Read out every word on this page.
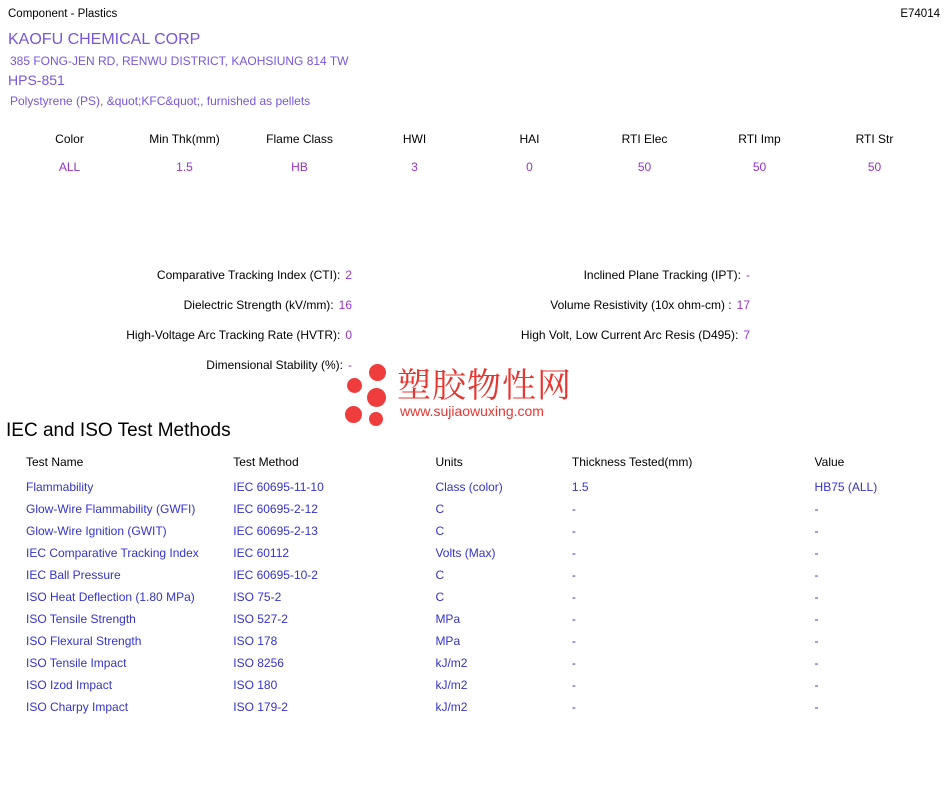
Component - Plastics	E74014
KAOFU CHEMICAL CORP
385 FONG-JEN RD, RENWU DISTRICT, KAOHSIUNG 814 TW
HPS-851
Polystyrene (PS), &quot;KFC&quot;, furnished as pellets
Color	Min Thk(mm)	Flame Class	HWI	HAI	RTI Elec	RTI Imp	RTI Str
ALL	1.5	HB	3	0	50	50	50
Comparative Tracking Index (CTI): 2
Dielectric Strength (kV/mm): 16
High-Voltage Arc Tracking Rate (HVTR): 0
Dimensional Stability (%): -
Inclined Plane Tracking (IPT): -
Volume Resistivity (10x ohm-cm) : 17
High Volt, Low Current Arc Resis (D495): 7
塑胶物性网
www.sujiaowuxing.com
IEC and ISO Test Methods
Test Name	Test Method	Units	Thickness Tested(mm)	Value
Flammability	IEC 60695-11-10	Class (color)	1.5	HB75 (ALL)
Glow-Wire Flammability (GWFI)	IEC 60695-2-12	C	-	-
Glow-Wire Ignition (GWIT)	IEC 60695-2-13	C	-	-
IEC Comparative Tracking Index	IEC 60112	Volts (Max)	-	-
IEC Ball Pressure	IEC 60695-10-2	C	-	-
ISO Heat Deflection (1.80 MPa)	ISO 75-2	C	-	-
ISO Tensile Strength	ISO 527-2	MPa	-	-
ISO Flexural Strength	ISO 178	MPa	-	-
ISO Tensile Impact	ISO 8256	kJ/m2	-	-
ISO Izod Impact	ISO 180	kJ/m2	-	-
ISO Charpy Impact	ISO 179-2	kJ/m2	-	-
